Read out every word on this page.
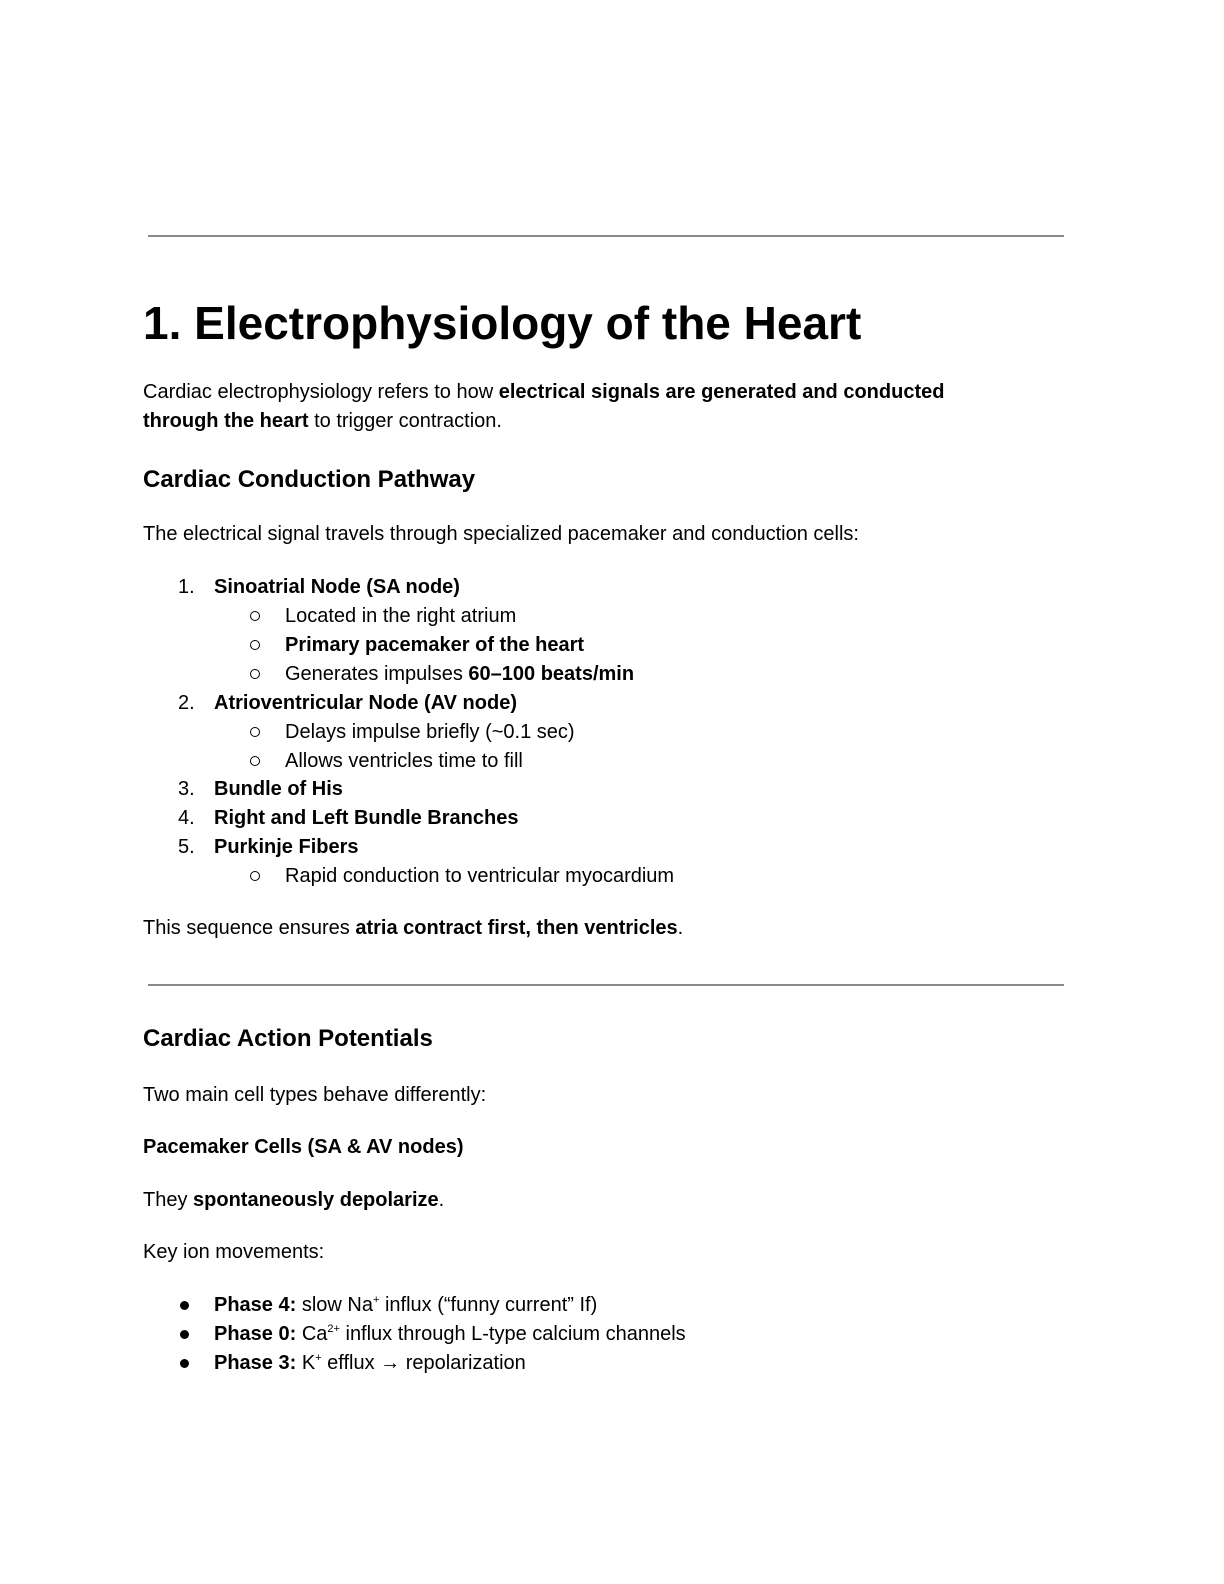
1. Electrophysiology of the Heart
Cardiac electrophysiology refers to how electrical signals are generated and conducted
through the heart to trigger contraction.
Cardiac Conduction Pathway
The electrical signal travels through specialized pacemaker and conduction cells:
1. Sinoatrial Node (SA node)
Located in the right atrium
Primary pacemaker of the heart
Generates impulses 60–100 beats/min
2. Atrioventricular Node (AV node)
Delays impulse briefly (~0.1 sec)
Allows ventricles time to fill
3. Bundle of His
4. Right and Left Bundle Branches
5. Purkinje Fibers
Rapid conduction to ventricular myocardium
This sequence ensures atria contract first, then ventricles.
Cardiac Action Potentials
Two main cell types behave differently:
Pacemaker Cells (SA & AV nodes)
They spontaneously depolarize.
Key ion movements:
Phase 4: slow Na+ influx (“funny current” If)
Phase 0: $Ca^{2+}$ influx through L-type calcium channels
Phase 3: K+ efflux → repolarization
